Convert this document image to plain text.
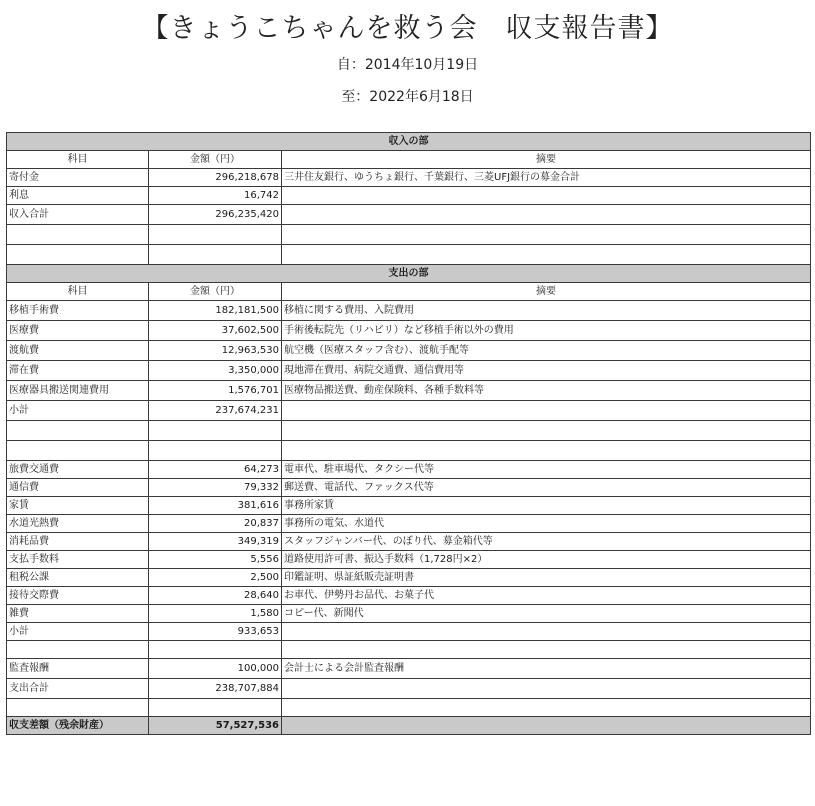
【きょうこちゃんを救う会　収支報告書】
自：2014年10月19日
至：2022年6月18日
収入の部		
科目	金額（円）	摘要
寄付金	296,218,678	三井住友銀行、ゆうちょ銀行、千葉銀行、三菱UFJ銀行の募金合計
利息	16,742	
収入合計	296,235,420	

支出の部		
科目	金額（円）	摘要
移植手術費	182,181,500	移植に関する費用、入院費用
医療費	37,602,500	手術後転院先（リハビリ）など移植手術以外の費用
渡航費	12,963,530	航空機（医療スタッフ含む）、渡航手配等
滞在費	3,350,000	現地滞在費用、病院交通費、通信費用等
医療器具搬送関連費用	1,576,701	医療物品搬送費、動産保険料、各種手数料等
小計	237,674,231	

旅費交通費	64,273	電車代、駐車場代、タクシー代等
通信費	79,332	郵送費、電話代、ファックス代等
家賃	381,616	事務所家賃
水道光熱費	20,837	事務所の電気、水道代
消耗品費	349,319	スタッフジャンバー代、のぼり代、募金箱代等
支払手数料	5,556	道路使用許可書、振込手数料（1,728円×2）
租税公課	2,500	印鑑証明、県証紙販売証明書
接待交際費	28,640	お車代、伊勢丹お品代、お菓子代
雑費	1,580	コピー代、新聞代
小計	933,653	

監査報酬	100,000	会計士による会計監査報酬
支出合計	238,707,884	

収支差額（残余財産）	57,527,536	
